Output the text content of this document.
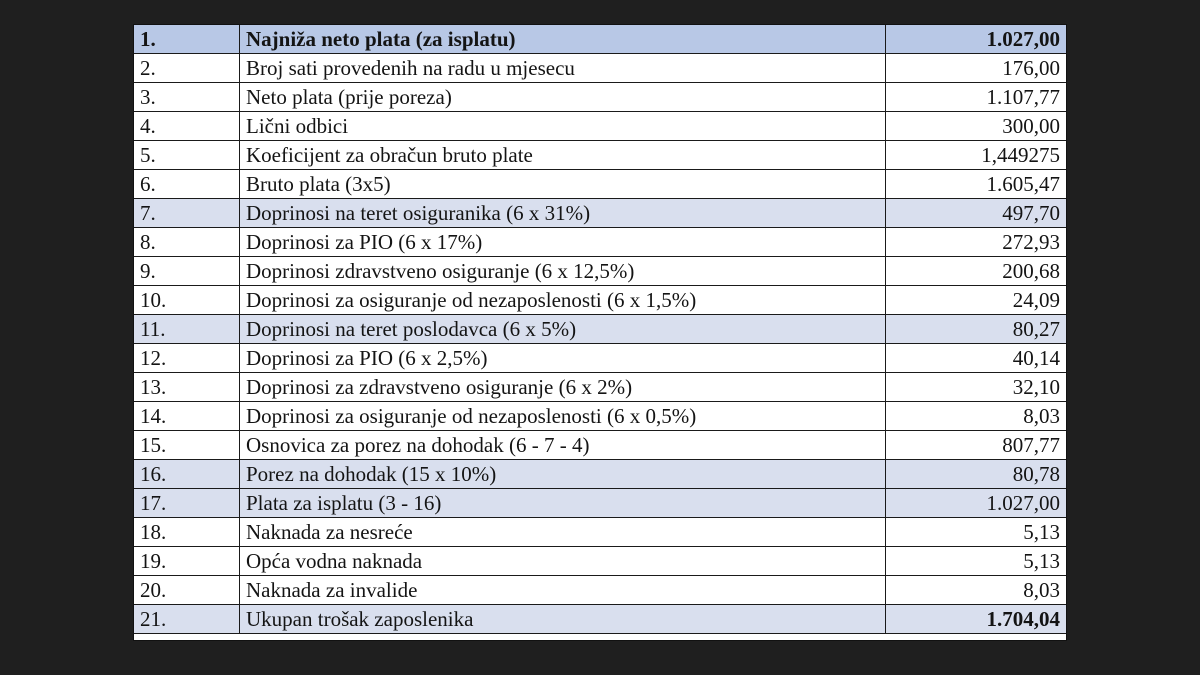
1.	Najniža neto plata (za isplatu)	1.027,00
2.	Broj sati provedenih na radu u mjesecu	176,00
3.	Neto plata (prije poreza)	1.107,77
4.	Lični odbici	300,00
5.	Koeficijent za obračun bruto plate	1,449275
6.	Bruto plata (3x5)	1.605,47
7.	Doprinosi na teret osiguranika (6 x 31%)	497,70
8.	Doprinosi za PIO (6 x 17%)	272,93
9.	Doprinosi zdravstveno osiguranje (6 x 12,5%)	200,68
10.	Doprinosi za osiguranje od nezaposlenosti (6 x 1,5%)	24,09
11.	Doprinosi na teret poslodavca (6 x 5%)	80,27
12.	Doprinosi za PIO (6 x 2,5%)	40,14
13.	Doprinosi za zdravstveno osiguranje (6 x 2%)	32,10
14.	Doprinosi za osiguranje od nezaposlenosti (6 x 0,5%)	8,03
15.	Osnovica za porez na dohodak (6 - 7 - 4)	807,77
16.	Porez na dohodak (15 x 10%)	80,78
17.	Plata za isplatu (3 - 16)	1.027,00
18.	Naknada za nesreće	5,13
19.	Opća vodna naknada	5,13
20.	Naknada za invalide	8,03
21.	Ukupan trošak zaposlenika	1.704,04
